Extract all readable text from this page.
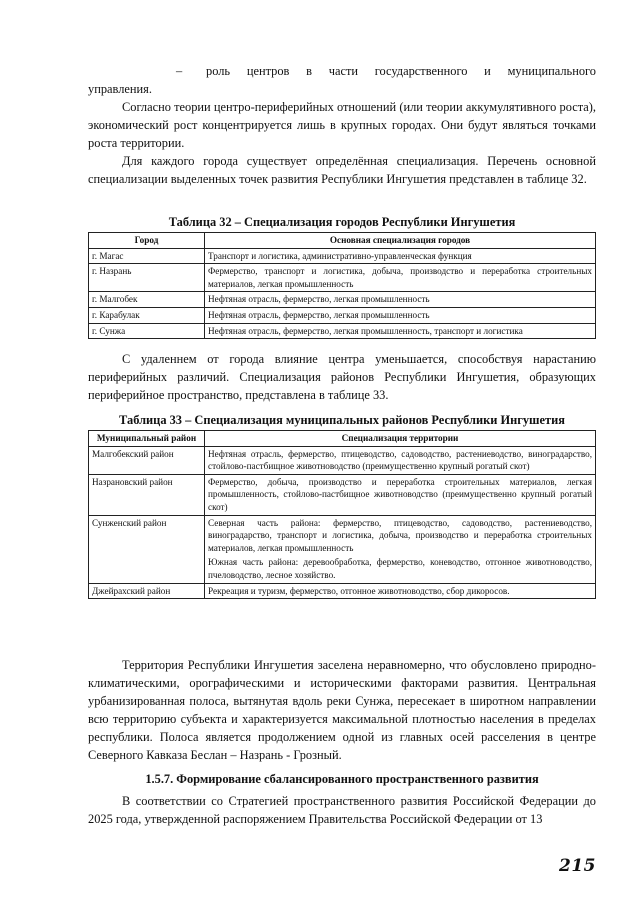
– роль центров в части государственного и муниципального
управления.

Согласно теории центро-периферийных отношений (или теории аккумулятивного роста), экономический рост концентрируется лишь в крупных городах. Они будут являться точками роста территории.

Для каждого города существует определённая специализация. Перечень основной специализации выделенных точек развития Республики Ингушетия представлен в таблице 32.

Таблица 32 – Специализация городов Республики Ингушетия
Город	Основная специализация городов
г. Магас	Транспорт и логистика, административно-управленческая функция
г. Назрань	Фермерство, транспорт и логистика, добыча, производство и переработка строительных материалов, легкая промышленность
г. Малгобек	Нефтяная отрасль, фермерство, легкая промышленность
г. Карабулак	Нефтяная отрасль, фермерство, легкая промышленность
г. Сунжа	Нефтяная отрасль, фермерство, легкая промышленность, транспорт и логистика

С удаленнем от города влияние центра уменьшается, способствуя нарастанию периферийных различий. Специализация районов Республики Ингушетия, образующих периферийное пространство, представлена в таблице 33.

Таблица 33 – Специализация муниципальных районов Республики Ингушетия
Муниципальный район	Специализация территории
Малгобекский район	Нефтяная отрасль, фермерство, птицеводство, садоводство, растениеводство, виноградарство, стойлово-пастбищное животноводство (преимущественно крупный рогатый скот)
Назрановский район	Фермерство, добыча, производство и переработка строительных материалов, легкая промышленность, стойлово-пастбищное животноводство (преимущественно крупный рогатый скот)
Сунженский район	Северная часть района: фермерство, птицеводство, садоводство, растениеводство, виноградарство, транспорт и логистика, добыча, производство и переработка строительных материалов, легкая промышленность
	Южная часть района: деревообработка, фермерство, коневодство, отгонное животноводство, пчеловодство, лесное хозяйство.
Джейрахский район	Рекреация и туризм, фермерство, отгонное животноводство, сбор дикоросов.

Территория Республики Ингушетия заселена неравномерно, что обусловлено природно-климатическими, орографическими и историческими факторами развития. Центральная урбанизированная полоса, вытянутая вдоль реки Сунжа, пересекает в широтном направлении всю территорию субъекта и характеризуется максимальной плотностью населения в пределах республики. Полоса является продолжением одной из главных осей расселения в центре Северного Кавказа Беслан – Назрань - Грозный.

1.5.7. Формирование сбалансированного пространственного развития

В соответствии со Стратегией пространственного развития Российской Федерации до 2025 года, утвержденной распоряжением Правительства Российской Федерации от 13

215
